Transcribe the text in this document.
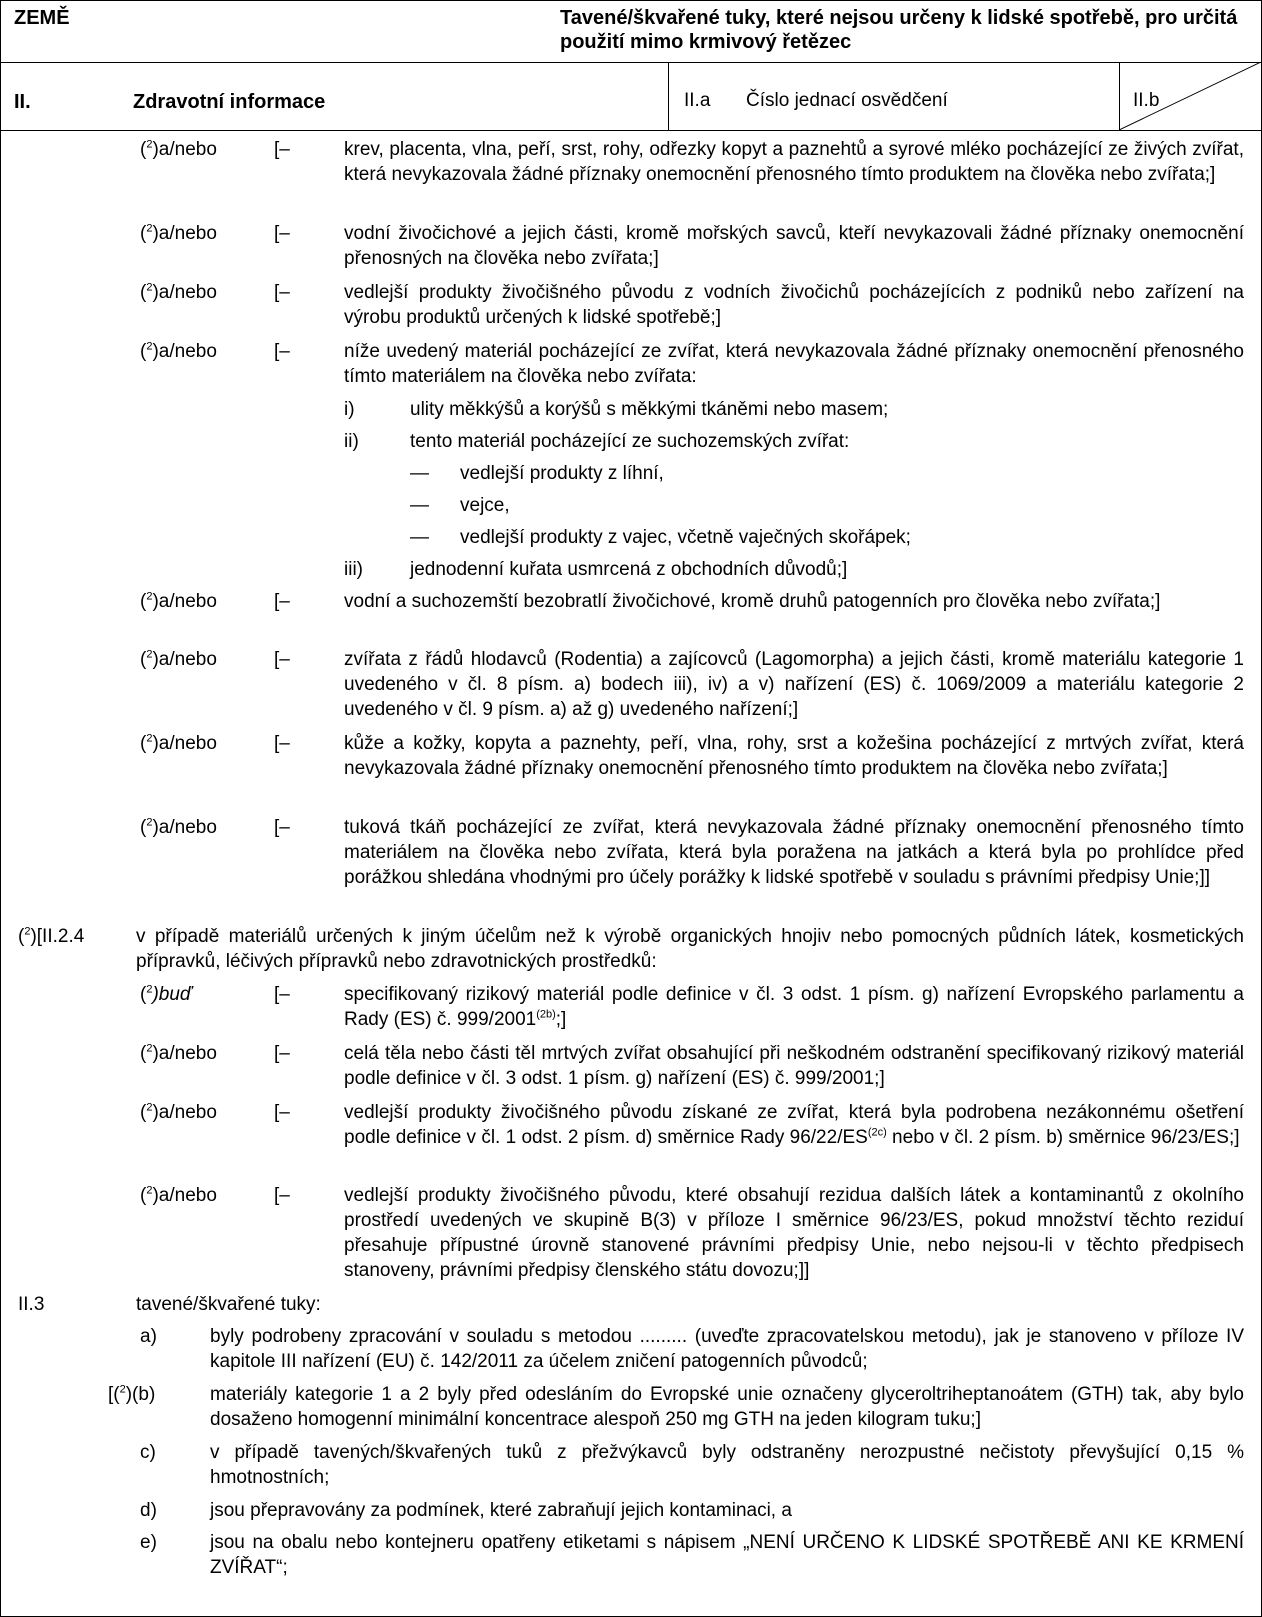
ZEMĚ	Tavené/škvařené tuky, které nejsou určeny k lidské spotřebě, pro určitá použití mimo krmivový řetězec
II.	Zdravotní informace	II.a Číslo jednací osvědčení	II.b
($^2$)a/nebo	[–	krev, placenta, vlna, peří, srst, rohy, odřezky kopyt a paznehtů a syrové mléko pocházející ze živých zvířat, která nevykazovala žádné příznaky onemocnění přenosného tímto produktem na člověka nebo zvířata;]
($^2$)a/nebo	[–	vodní živočichové a jejich části, kromě mořských savců, kteří nevykazovali žádné příznaky onemocnění přenosných na člověka nebo zvířata;]
($^2$)a/nebo	[–	vedlejší produkty živočišného původu z vodních živočichů pocházejících z podniků nebo zařízení na výrobu produktů určených k lidské spotřebě;]
($^2$)a/nebo	[–	níže uvedený materiál pocházející ze zvířat, která nevykazovala žádné příznaky onemocnění přenosného tímto materiálem na člověka nebo zvířata:
i)	ulity měkkýšů a korýšů s měkkými tkáněmi nebo masem;
ii)	tento materiál pocházející ze suchozemských zvířat:
— vedlejší produkty z líhní,
— vejce,
— vedlejší produkty z vajec, včetně vaječných skořápek;
iii) jednodenní kuřata usmrcená z obchodních důvodů;]
($^2$)a/nebo	[–	vodní a suchozemští bezobratlí živočichové, kromě druhů patogenních pro člověka nebo zvířata;]
($^2$)a/nebo	[–	zvířata z řádů hlodavců (Rodentia) a zajícovců (Lagomorpha) a jejich části, kromě materiálu kategorie 1 uvedeného v čl. 8 písm. a) bodech iii), iv) a v) nařízení (ES) č. 1069/2009 a materiálu kategorie 2 uvedeného v čl. 9 písm. a) až g) uvedeného nařízení;]
($^2$)a/nebo	[–	kůže a kožky, kopyta a paznehty, peří, vlna, rohy, srst a kožešina pocházející z mrtvých zvířat, která nevykazovala žádné příznaky onemocnění přenosného tímto produktem na člověka nebo zvířata;]
($^2$)a/nebo	[–	tuková tkáň pocházející ze zvířat, která nevykazovala žádné příznaky onemocnění přenosného tímto materiálem na člověka nebo zvířata, která byla poražena na jatkách a která byla po prohlídce před porážkou shledána vhodnými pro účely porážky k lidské spotřebě v souladu s právními předpisy Unie;]]
($^2$)[II.2.4	v případě materiálů určených k jiným účelům než k výrobě organických hnojiv nebo pomocných půdních látek, kosmetických přípravků, léčivých přípravků nebo zdravotnických prostředků:
($^2$)buď	[–	specifikovaný rizikový materiál podle definice v čl. 3 odst. 1 písm. g) nařízení Evropského parlamentu a Rady (ES) č. $999/2001^{(2b)}$;]
($^2$)a/nebo	[–	celá těla nebo části těl mrtvých zvířat obsahující při neškodném odstranění specifikovaný rizikový materiál podle definice v čl. 3 odst. 1 písm. g) nařízení (ES) č. 999/2001;]
($^2$)a/nebo	[–	vedlejší produkty živočišného původu získané ze zvířat, která byla podrobena nezákonnému ošetření podle definice v čl. 1 odst. 2 písm. d) směrnice Rady $96/22/ES^{(2c)}$ nebo v čl. 2 písm. b) směrnice 96/23/ES;]
($^2$)a/nebo	[–	vedlejší produkty živočišného původu, které obsahují rezidua dalších látek a kontaminantů z okolního prostředí uvedených ve skupině B(3) v příloze I směrnice 96/23/ES, pokud množství těchto reziduí přesahuje přípustné úrovně stanovené právními předpisy Unie, nebo nejsou-li v těchto předpisech stanoveny, právními předpisy členského státu dovozu;]]
II.3	tavené/škvařené tuky:
a)	byly podrobeny zpracování v souladu s metodou ......... (uveďte zpracovatelskou metodu), jak je stanoveno v příloze IV kapitole III nařízení (EU) č. 142/2011 za účelem zničení patogenních původců;
[($^2$)(b)	materiály kategorie 1 a 2 byly před odesláním do Evropské unie označeny glyceroltriheptanoátem (GTH) tak, aby bylo dosaženo homogenní minimální koncentrace alespoň 250 mg GTH na jeden kilogram tuku;]
c)	v případě tavených/škvařených tuků z přežvýkavců byly odstraněny nerozpustné nečistoty převyšující 0,15 % hmotnostních;
d)	jsou přepravovány za podmínek, které zabraňují jejich kontaminaci, a
e)	jsou na obalu nebo kontejneru opatřeny etiketami s nápisem „NENÍ URČENO K LIDSKÉ SPOTŘEBĚ ANI KE KRMENÍ ZVÍŘAT“;
